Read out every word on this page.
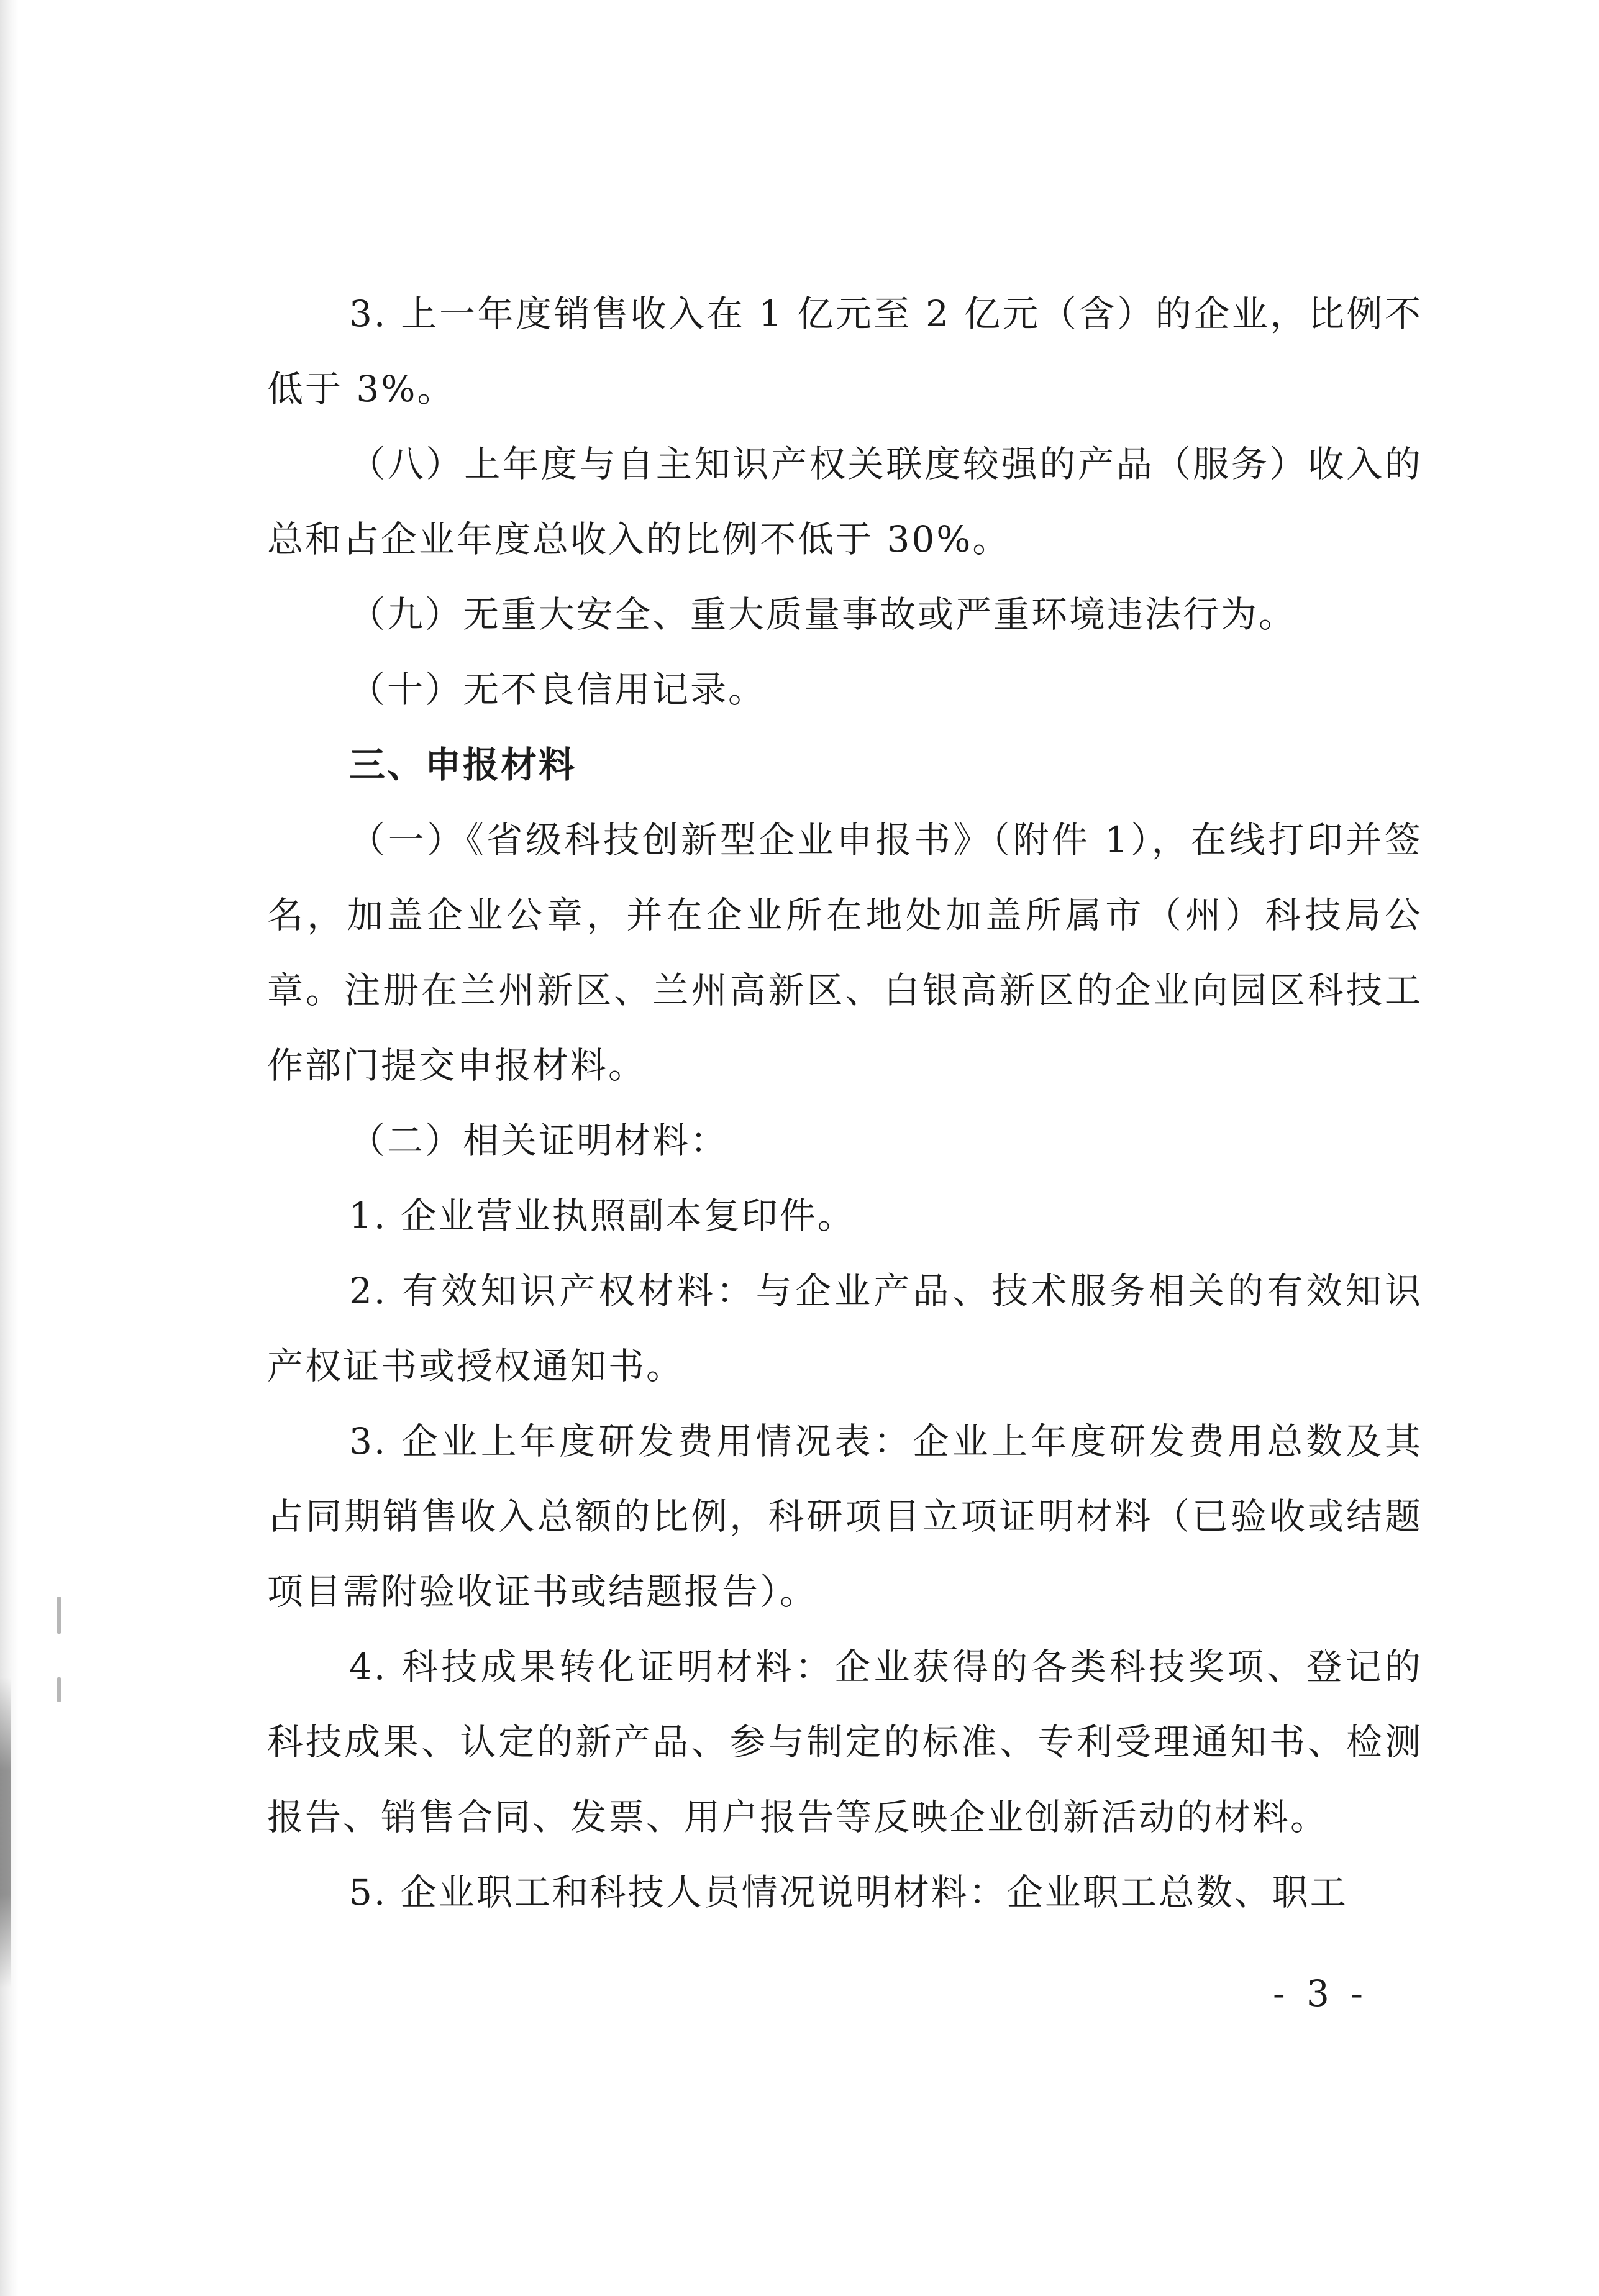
3. 上一年度销售收入在 1 亿元至 2 亿元（含）的企业，比例不低于 3%。

（八）上年度与自主知识产权关联度较强的产品（服务）收入的总和占企业年度总收入的比例不低于 30%。

（九）无重大安全、重大质量事故或严重环境违法行为。

（十）无不良信用记录。

三、申报材料

（一）《省级科技创新型企业申报书》（附件 1），在线打印并签名，加盖企业公章，并在企业所在地处加盖所属市（州）科技局公章。注册在兰州新区、兰州高新区、白银高新区的企业向园区科技工作部门提交申报材料。

（二）相关证明材料：

1. 企业营业执照副本复印件。

2. 有效知识产权材料：与企业产品、技术服务相关的有效知识产权证书或授权通知书。

3. 企业上年度研发费用情况表：企业上年度研发费用总数及其占同期销售收入总额的比例，科研项目立项证明材料（已验收或结题项目需附验收证书或结题报告）。

4. 科技成果转化证明材料：企业获得的各类科技奖项、登记的科技成果、认定的新产品、参与制定的标准、专利受理通知书、检测报告、销售合同、发票、用户报告等反映企业创新活动的材料。

5. 企业职工和科技人员情况说明材料：企业职工总数、职工

- 3 -
